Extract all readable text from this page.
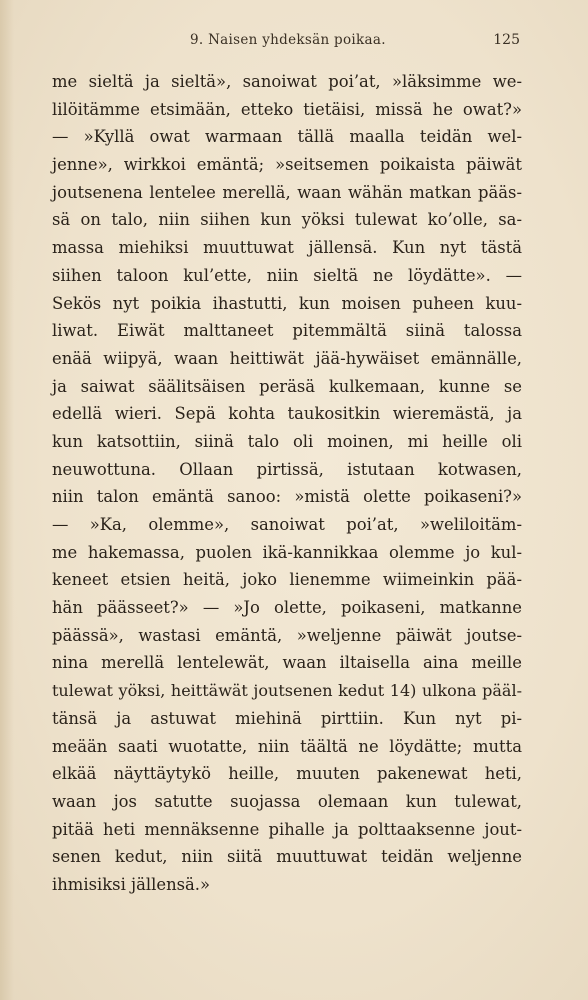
9. Naisen yhdeksän poikaa.	125
me sieltä ja sieltä», sanoiwat poi’at, »läksimme we-
lilöitämme etsimään, etteko tietäisi, missä he owat?»
— »Kyllä owat warmaan tällä maalla teidän wel-
jenne», wirkkoi emäntä; »seitsemen poikaista päiwät
joutsenena lentelee merellä, waan wähän matkan pääs-
sä on talo, niin siihen kun yöksi tulewat ko’olle, sa-
massa miehiksi muuttuwat jällensä. Kun nyt tästä
siihen taloon kul’ette, niin sieltä ne löydätte». —
Sekös nyt poikia ihastutti, kun moisen puheen kuu-
liwat. Eiwät malttaneet pitemmältä siinä talossa
enää wiipyä, waan heittiwät jää-hywäiset emännälle,
ja saiwat säälitsäisen peräsä kulkemaan, kunne se
edellä wieri. Sepä kohta taukositkin wieremästä, ja
kun katsottiin, siinä talo oli moinen, mi heille oli
neuwottuna. Ollaan pirtissä, istutaan kotwasen,
niin talon emäntä sanoo: »mistä olette poikaseni?»
— »Ka, olemme», sanoiwat poi’at, »weliloitäm-
me hakemassa, puolen ikä-kannikkaa olemme jo kul-
keneet etsien heitä, joko lienemme wiimeinkin pää-
hän päässeet?» — »Jo olette, poikaseni, matkanne
päässä», wastasi emäntä, »weljenne päiwät joutse-
nina merellä lentelewät, waan iltaisella aina meille
tulewat yöksi, heittäwät joutsenen kedut 14) ulkona pääl-
tänsä ja astuwat miehinä pirttiin. Kun nyt pi-
meään saati wuotatte, niin täältä ne löydätte; mutta
elkää näyttäytykö heille, muuten pakenewat heti,
waan jos satutte suojassa olemaan kun tulewat,
pitää heti mennäksenne pihalle ja polttaaksenne jout-
senen kedut, niin siitä muuttuwat teidän weljenne
ihmisiksi jällensä.»
